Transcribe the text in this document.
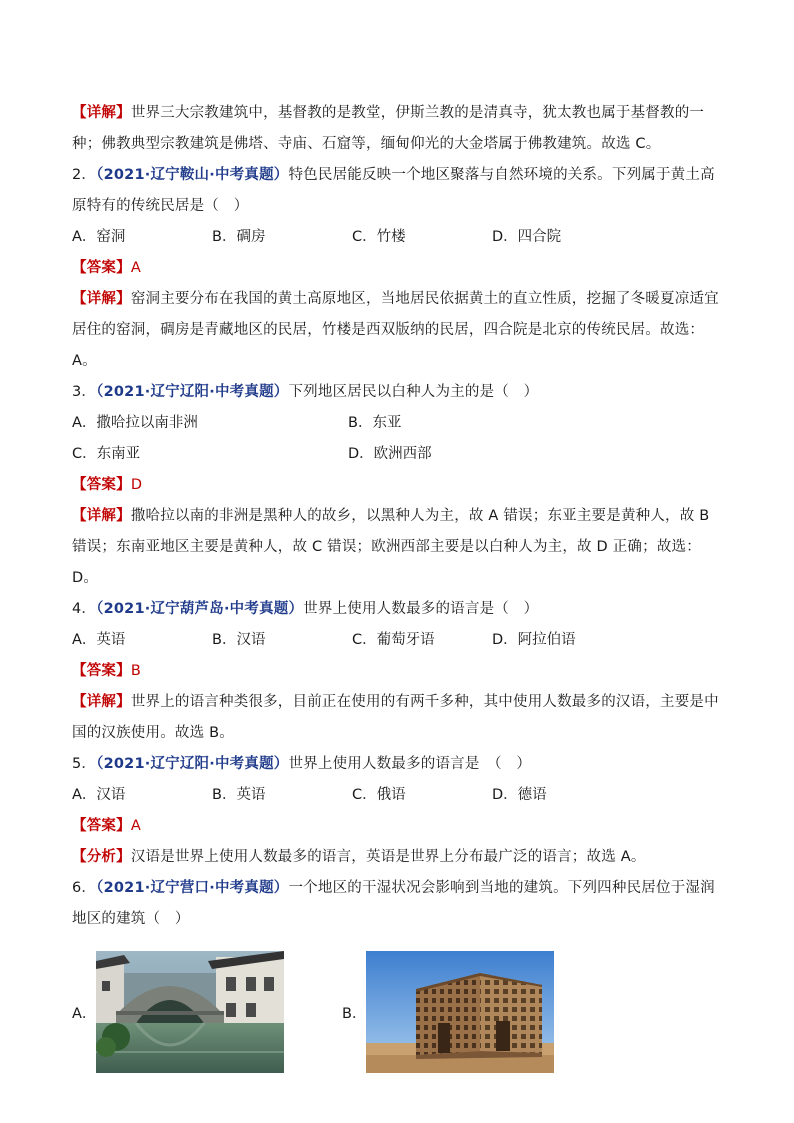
【详解】世界三大宗教建筑中，基督教的是教堂，伊斯兰教的是清真寺，犹太教也属于基督教的一种；佛教典型宗教建筑是佛塔、寺庙、石窟等，缅甸仰光的大金塔属于佛教建筑。故选 C。
2．（2021·辽宁鞍山·中考真题）特色民居能反映一个地区聚落与自然环境的关系。下列属于黄土高原特有的传统民居是（　）
A．窑洞	B．碉房	C．竹楼	D．四合院
【答案】A
【详解】窑洞主要分布在我国的黄土高原地区，当地居民依据黄土的直立性质，挖掘了冬暖夏凉适宜居住的窑洞，碉房是青藏地区的民居，竹楼是西双版纳的民居，四合院是北京的传统民居。故选：A。
3．（2021·辽宁辽阳·中考真题）下列地区居民以白种人为主的是（　）
A．撒哈拉以南非洲	B．东亚
C．东南亚	D．欧洲西部
【答案】D
【详解】撒哈拉以南的非洲是黑种人的故乡，以黑种人为主，故 A 错误；东亚主要是黄种人，故 B 错误；东南亚地区主要是黄种人，故 C 错误；欧洲西部主要是以白种人为主，故 D 正确；故选：D。
4．（2021·辽宁葫芦岛·中考真题）世界上使用人数最多的语言是（　）
A．英语	B．汉语	C．葡萄牙语	D．阿拉伯语
【答案】B
【详解】世界上的语言种类很多，目前正在使用的有两千多种，其中使用人数最多的汉语，主要是中国的汉族使用。故选 B。
5．（2021·辽宁辽阳·中考真题）世界上使用人数最多的语言是　（　）
A．汉语	B．英语	C．俄语	D．德语
【答案】A
【分析】汉语是世界上使用人数最多的语言，英语是世界上分布最广泛的语言；故选 A。
6．（2021·辽宁营口·中考真题）一个地区的干湿状况会影响到当地的建筑。下列四种民居位于湿润地区的建筑（　）
A．	B．
